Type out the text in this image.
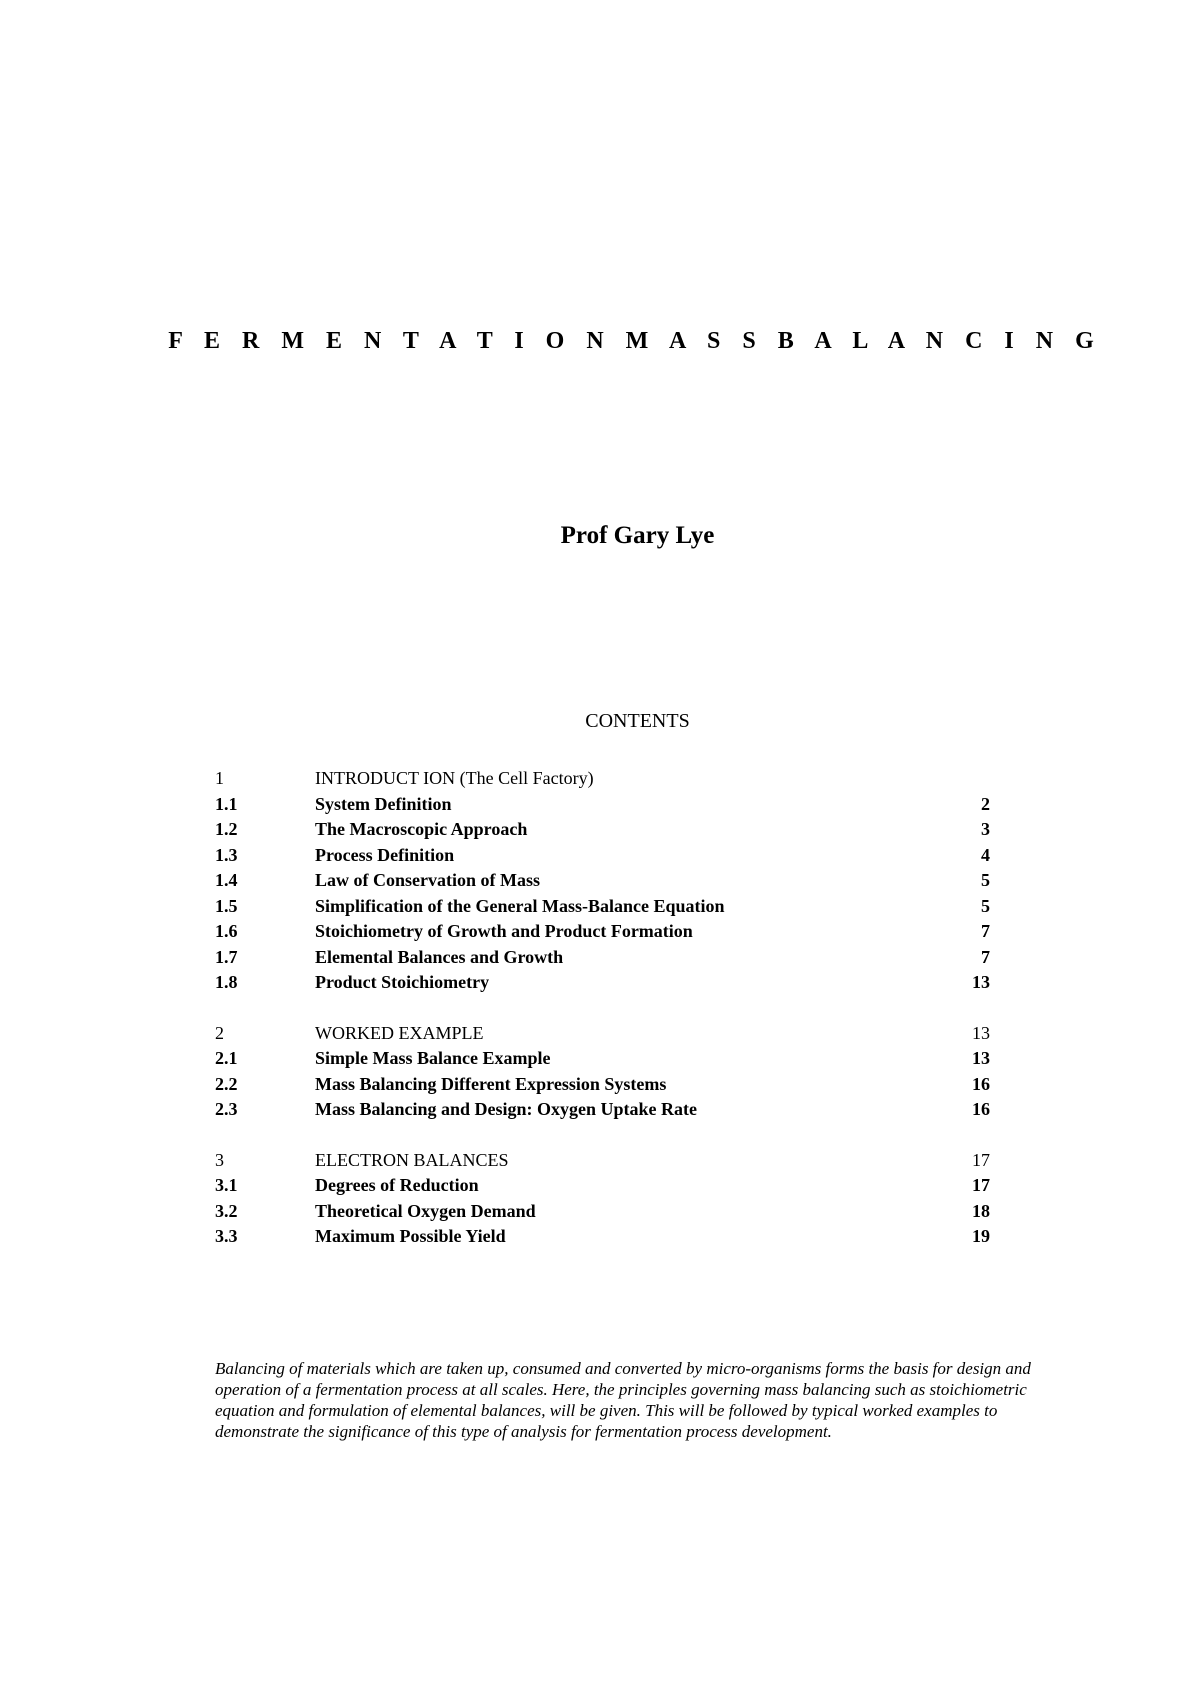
F E R M E N T A T I O N M A S S B A L A N C I N G
Prof Gary Lye
CONTENTS
1	INTRODUCT ION (The Cell Factory)
1.1	System Definition	2
1.2	The Macroscopic Approach	3
1.3	Process Definition	4
1.4	Law of Conservation of Mass	5
1.5	Simplification of the General Mass-Balance Equation	5
1.6	Stoichiometry of Growth and Product Formation	7
1.7	Elemental Balances and Growth	7
1.8	Product Stoichiometry	13
2	WORKED EXAMPLE	13
2.1	Simple Mass Balance Example	13
2.2	Mass Balancing Different Expression Systems	16
2.3	Mass Balancing and Design: Oxygen Uptake Rate	16
3	ELECTRON BALANCES	17
3.1	Degrees of Reduction	17
3.2	Theoretical Oxygen Demand	18
3.3	Maximum Possible Yield	19
Balancing of materials which are taken up, consumed and converted by micro-organisms forms the basis for design and operation of a fermentation process at all scales. Here, the principles governing mass balancing such as stoichiometric equation and formulation of elemental balances, will be given. This will be followed by typical worked examples to demonstrate the significance of this type of analysis for fermentation process development.
